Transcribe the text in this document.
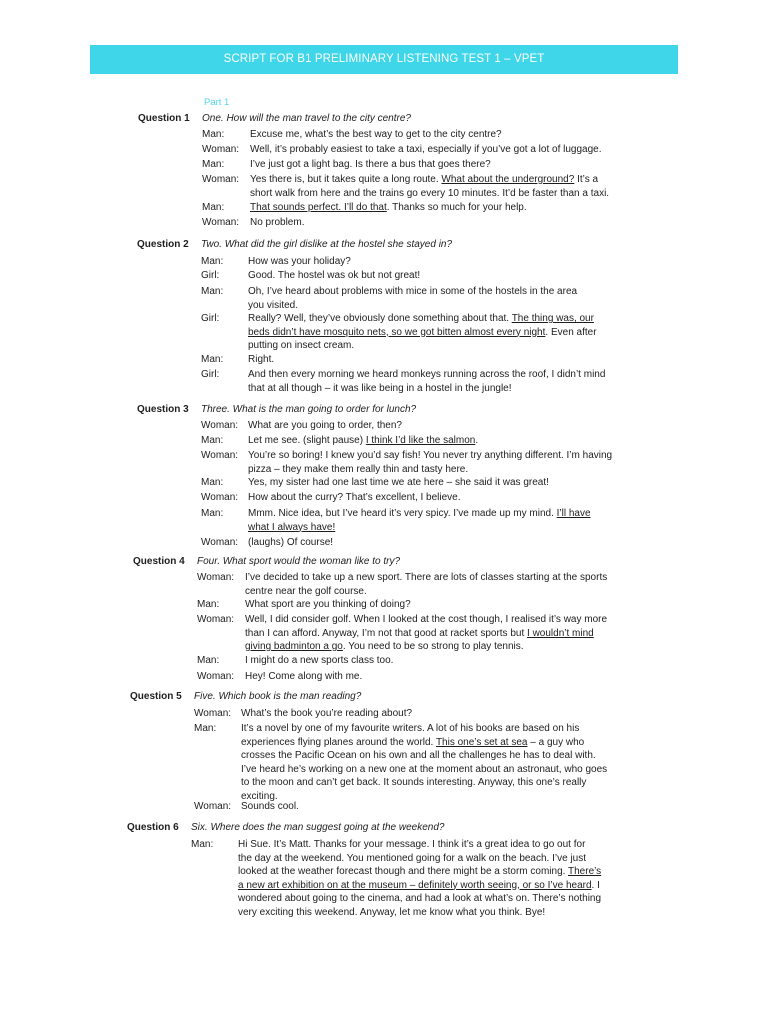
SCRIPT FOR B1 PRELIMINARY LISTENING TEST 1 – VPET
Part 1
Question 1 One. How will the man travel to the city centre?
Man:	Excuse me, what’s the best way to get to the city centre?
Woman: Well, it’s probably easiest to take a taxi, especially if you’ve got a lot of luggage.
Man:	I’ve just got a light bag. Is there a bus that goes there?
Woman: Yes there is, but it takes quite a long route. What about the underground? It’s a
short walk from here and the trains go every 10 minutes. It’d be faster than a taxi.
Man:	That sounds perfect. I’ll do that. Thanks so much for your help.
Woman: No problem.
Question 2 Two. What did the girl dislike at the hostel she stayed in?
Man: How was your holiday?
Girl:	Good. The hostel was ok but not great!
Man: Oh, I’ve heard about problems with mice in some of the hostels in the area
you visited.
Girl:	Really? Well, they’ve obviously done something about that. The thing was, our
beds didn’t have mosquito nets, so we got bitten almost every night. Even after
putting on insect cream.
Man: Right.
Girl:	And then every morning we heard monkeys running across the roof, I didn’t mind
that at all though – it was like being in a hostel in the jungle!
Question 3 Three. What is the man going to order for lunch?
Woman: What are you going to order, then?
Man: Let me see. (slight pause) I think I’d like the salmon.
Woman: You’re so boring! I knew you’d say fish! You never try anything different. I’m having
pizza – they make them really thin and tasty here.
Man: Yes, my sister had one last time we ate here – she said it was great!
Woman: How about the curry? That’s excellent, I believe.
Man: Mmm. Nice idea, but I’ve heard it’s very spicy. I’ve made up my mind. I’ll have
what I always have!
Woman: (laughs) Of course!
Question 4 Four. What sport would the woman like to try?
Woman: I’ve decided to take up a new sport. There are lots of classes starting at the sports
centre near the golf course.
Man:	What sport are you thinking of doing?
Woman: Well, I did consider golf. When I looked at the cost though, I realised it’s way more
than I can afford. Anyway, I’m not that good at racket sports but I wouldn’t mind
giving badminton a go. You need to be so strong to play tennis.
Man:	I might do a new sports class too.
Woman: Hey! Come along with me.
Question 5 Five. Which book is the man reading?
Woman: What’s the book you’re reading about?
Man: It’s a novel by one of my favourite writers. A lot of his books are based on his
experiences flying planes around the world. This one’s set at sea – a guy who
crosses the Pacific Ocean on his own and all the challenges he has to deal with.
I’ve heard he’s working on a new one at the moment about an astronaut, who goes
to the moon and can’t get back. It sounds interesting. Anyway, this one’s really
exciting.
Woman: Sounds cool.
Question 6 Six. Where does the man suggest going at the weekend?
Man: Hi Sue. It’s Matt. Thanks for your message. I think it’s a great idea to go out for
the day at the weekend. You mentioned going for a walk on the beach. I’ve just
looked at the weather forecast though and there might be a storm coming. There’s
a new art exhibition on at the museum – definitely worth seeing, or so I’ve heard. I
wondered about going to the cinema, and had a look at what’s on. There’s nothing
very exciting this weekend. Anyway, let me know what you think. Bye!
